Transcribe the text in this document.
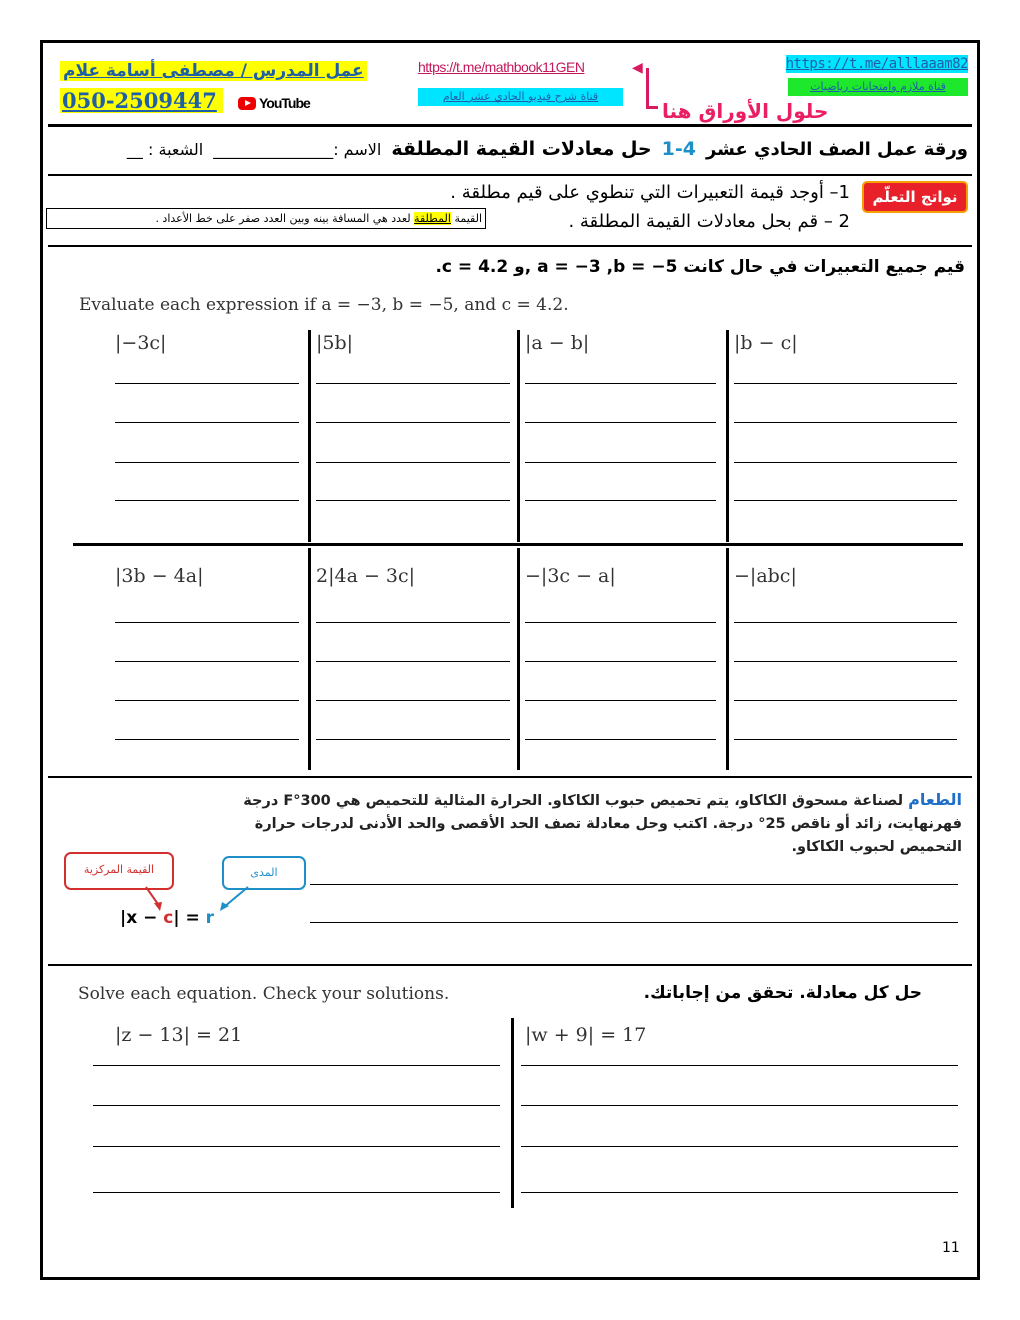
عمل المدرس / مصطفى أسامة علام
050-2509447	YouTube
https://t.me/mathbook11GEN	◀
قناة شرح فيديو الحادي عشر العام
حلول الأوراق هنا
https://t.me/alllaaam82
قناة ملازم وامتحانات رياضيات
ورقة عمل الصف الحادي عشر
1-4
حل معادلات القيمة المطلقة
الاسم :_______________
الشعبة : __
نواتج التعلّم
1– أوجد قيمة التعبيرات التي تنطوي على قيم مطلقة .
2 – قم بحل معادلات القيمة المطلقة .
القيمة المطلقة لعدد هي المسافة بينه وبين العدد صفر على خط الأعداد .
قيم جميع التعبيرات في حال كانت a = −3 ,b = −5 ,و c = 4.2.
Evaluate each expression if a = −3, b = −5, and c = 4.2.
|−3c|	|5b|	|a − b|	|b − c|
|3b − 4a|	2|4a − 3c|	−|3c − a|	−|abc|
الطعام لصناعة مسحوق الكاكاو، يتم تحميص حبوب الكاكاو. الحرارة المثالية للتحميص هي 300°F درجة فهرنهايت، زائد أو ناقص 25° درجة. اكتب وحل معادلة تصف الحد الأقصى والحد الأدنى لدرجات حرارة التحميص لحبوب الكاكاو.
القيمة المركزية	المدى
|x − c| = r
Solve each equation. Check your solutions.	حل كل معادلة. تحقق من إجاباتك.
|z − 13| = 21	|w + 9| = 17
11
